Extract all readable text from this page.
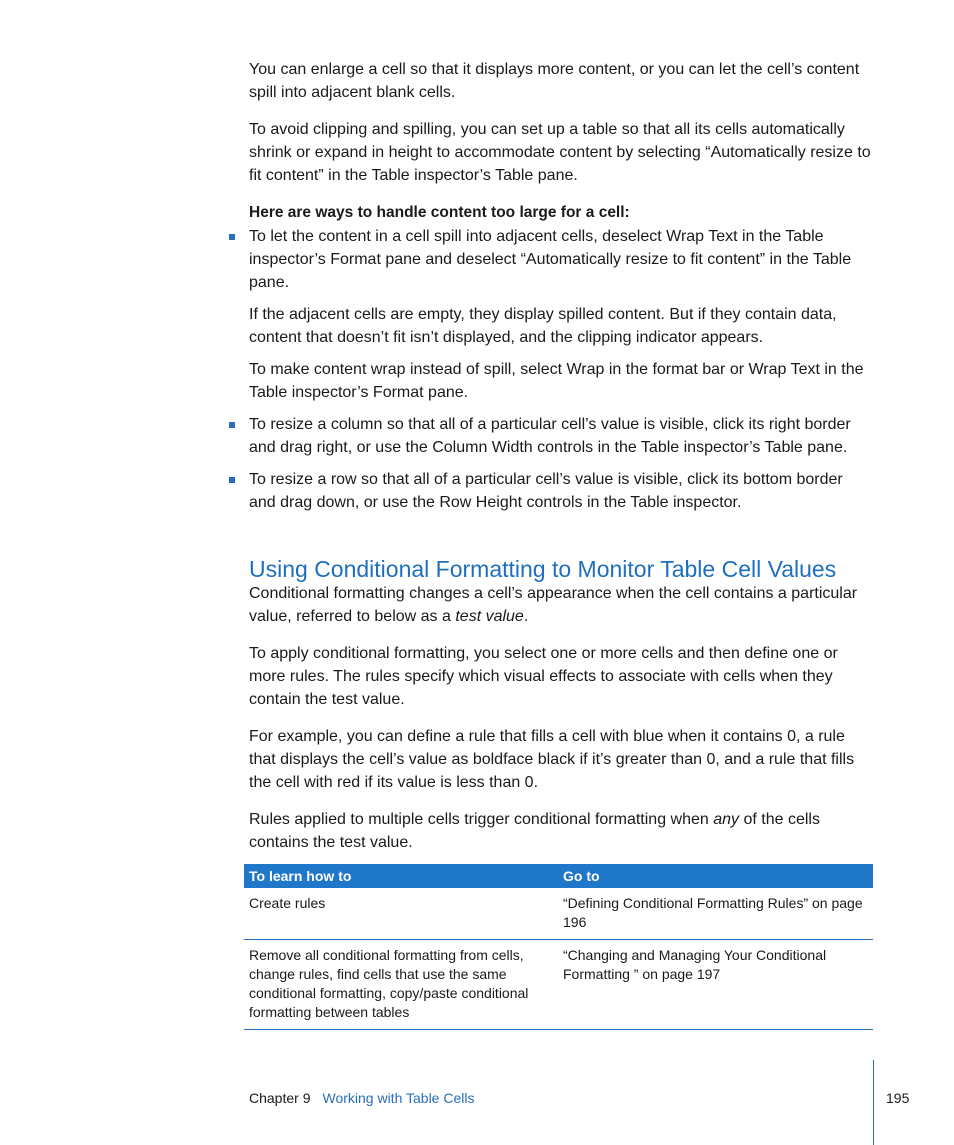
You can enlarge a cell so that it displays more content, or you can let the cell’s content spill into adjacent blank cells.

To avoid clipping and spilling, you can set up a table so that all its cells automatically shrink or expand in height to accommodate content by selecting “Automatically resize to fit content” in the Table inspector’s Table pane.

Here are ways to handle content too large for a cell:

To let the content in a cell spill into adjacent cells, deselect Wrap Text in the Table inspector’s Format pane and deselect “Automatically resize to fit content” in the Table pane.

If the adjacent cells are empty, they display spilled content. But if they contain data, content that doesn’t fit isn’t displayed, and the clipping indicator appears.

To make content wrap instead of spill, select Wrap in the format bar or Wrap Text in the Table inspector’s Format pane.

To resize a column so that all of a particular cell’s value is visible, click its right border and drag right, or use the Column Width controls in the Table inspector’s Table pane.

To resize a row so that all of a particular cell’s value is visible, click its bottom border and drag down, or use the Row Height controls in the Table inspector.

Using Conditional Formatting to Monitor Table Cell Values

Conditional formatting changes a cell’s appearance when the cell contains a particular value, referred to below as a test value.

To apply conditional formatting, you select one or more cells and then define one or more rules. The rules specify which visual effects to associate with cells when they contain the test value.

For example, you can define a rule that fills a cell with blue when it contains 0, a rule that displays the cell’s value as boldface black if it’s greater than 0, and a rule that fills the cell with red if its value is less than 0.

Rules applied to multiple cells trigger conditional formatting when any of the cells contains the test value.

To learn how to	Go to
Create rules	“Defining Conditional Formatting Rules” on page 196
Remove all conditional formatting from cells, change rules, find cells that use the same conditional formatting, copy/paste conditional formatting between tables	“Changing and Managing Your Conditional Formatting ” on page 197
Chapter 9 Working with Table Cells	195
